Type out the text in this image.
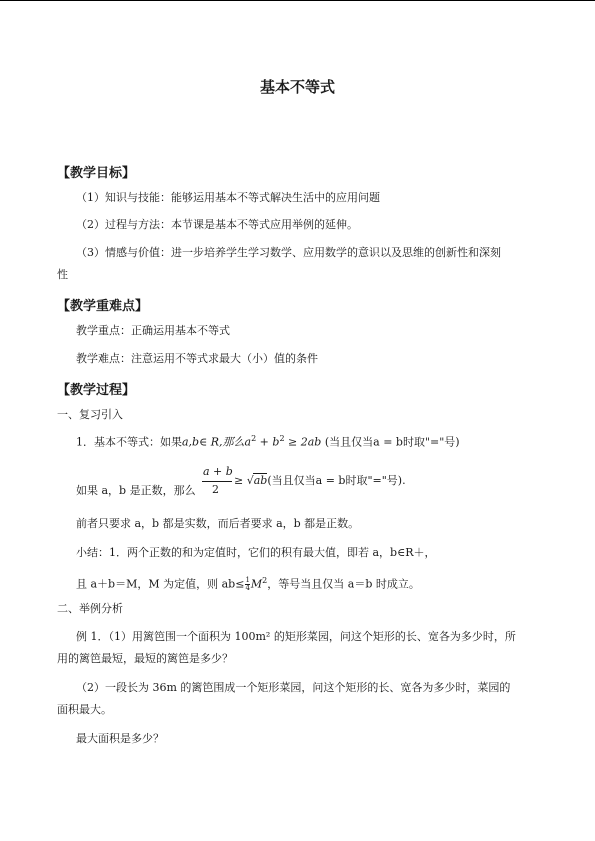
基本不等式
【教学目标】
（1）知识与技能：能够运用基本不等式解决生活中的应用问题
（2）过程与方法：本节课是基本不等式应用举例的延伸。
（3）情感与价值：进一步培养学生学习数学、应用数学的意识以及思维的创新性和深刻
性
【教学重难点】
教学重点：正确运用基本不等式
教学难点：注意运用不等式求最大（小）值的条件
【教学过程】
一、复习引入
1．基本不等式：如果a,b∈ R,那么$a^2 + b^2 \ge 2ab$ (当且仅当a = b时取"="号)
如果 a，b 是正数，那么
a + b
2
≥ √ab(当且仅当a = b时取"="号).
前者只要求 a，b 都是实数，而后者要求 a，b 都是正数。
小结：1．两个正数的和为定值时，它们的积有最大值，即若 a，b∈R＋，
且 a＋b＝M，M 为定值，则 $ab\le \frac{1}{4} M^2$，等号当且仅当 a＝b 时成立。
二、举例分析
例 1．（1）用篱笆围一个面积为 100m² 的矩形菜园，问这个矩形的长、宽各为多少时，所
用的篱笆最短，最短的篱笆是多少？
（2）一段长为 36m 的篱笆围成一个矩形菜园，问这个矩形的长、宽各为多少时，菜园的
面积最大。
最大面积是多少？
